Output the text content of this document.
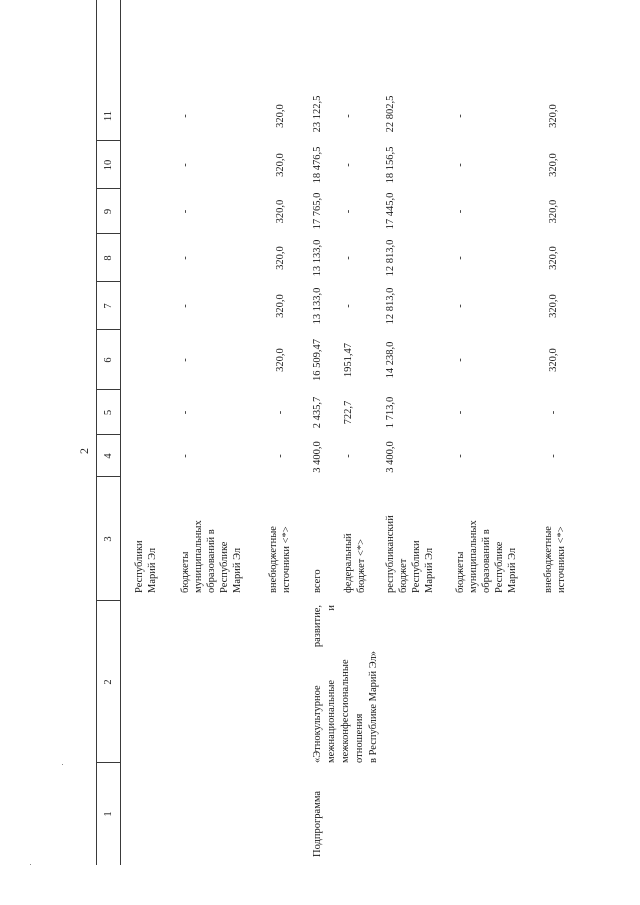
2
1
2
3
4
5
6
7
8
9
10
11
Республики Марий Эл бюджеты муниципальных образований в Республике Марий Эл
-
-
-
-
-
-
-
-
внебюджетные источники <*>
-
-
320,0
320,0
320,0
320,0
320,0
320,0
Подпрограмма
«Этнокультурное развитие, межнациональные и межконфессиональные отношения в Республике Марий Эл»
всего
3 400,0
2 435,7
16 509,47
13 133,0
13 133,0
17 765,0
18 476,5
23 122,5
федеральный бюджет <*>
-
722,7
1951,47
-
-
-
-
-
республиканский бюджет Республики Марий Эл
3 400,0
1 713,0
14 238,0
12 813,0
12 813,0
17 445,0
18 156,5
22 802,5
бюджеты муниципальных образований в Республике Марий Эл
-
-
-
-
-
-
-
-
внебюджетные источники <*>
-
-
320,0
320,0
320,0
320,0
320,0
320,0
